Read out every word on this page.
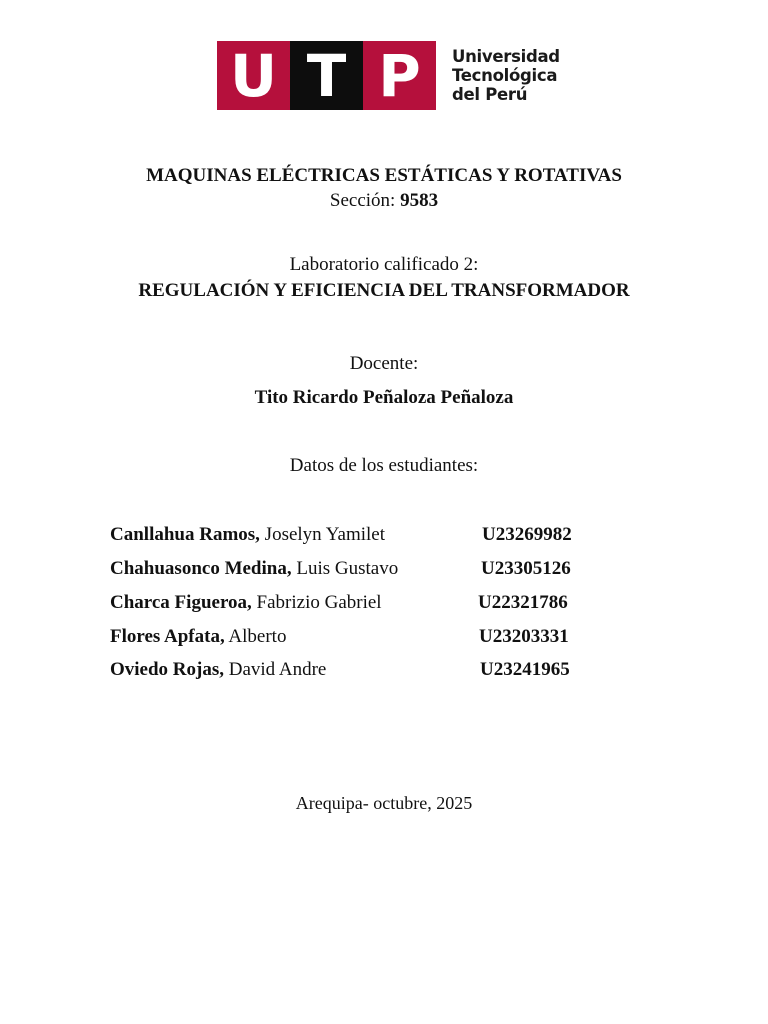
U T P	Universidad
Tecnológica
del Perú
MAQUINAS ELÉCTRICAS ESTÁTICAS Y ROTATIVAS
Sección: 9583
Laboratorio calificado 2:
REGULACIÓN Y EFICIENCIA DEL TRANSFORMADOR
Docente:
Tito Ricardo Peñaloza Peñaloza
Datos de los estudiantes:
Canllahua Ramos, Joselyn Yamilet	U23269982
Chahuasonco Medina, Luis Gustavo	U23305126
Charca Figueroa, Fabrizio Gabriel	U22321786
Flores Apfata, Alberto	U23203331
Oviedo Rojas, David Andre	U23241965
Arequipa- octubre, 2025
